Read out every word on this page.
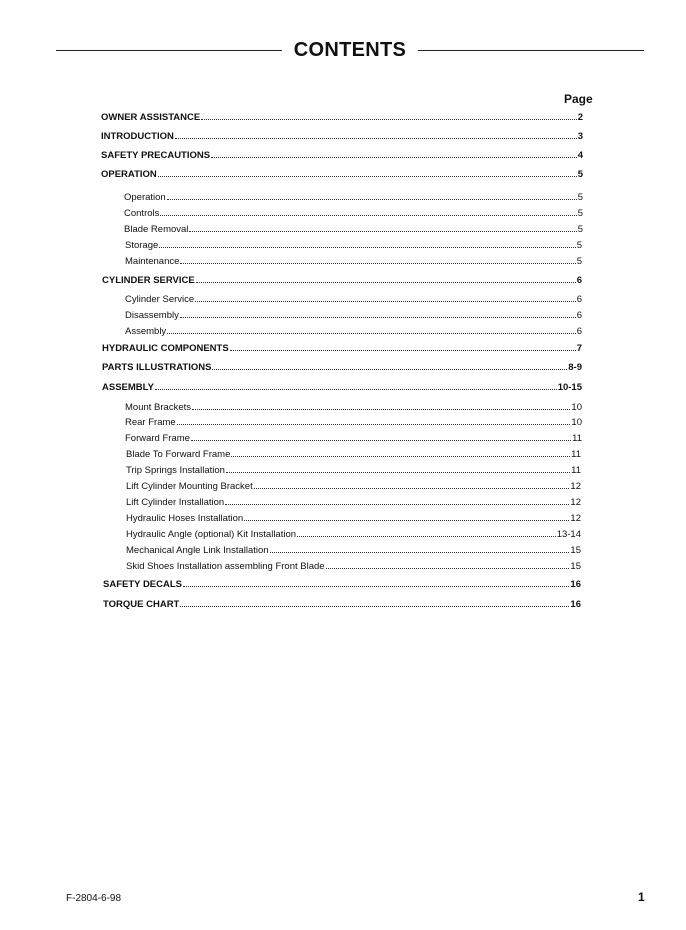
CONTENTS
Page
OWNER ASSISTANCE	2
INTRODUCTION	3
SAFETY PRECAUTIONS	4
OPERATION	5
Operation	5
Controls	5
Blade Removal	5
Storage	5
Maintenance	5
CYLINDER SERVICE	6
Cylinder Service	6
Disassembly	6
Assembly	6
HYDRAULIC COMPONENTS	7
PARTS ILLUSTRATIONS	8-9
ASSEMBLY	10-15
Mount Brackets	10
Rear Frame	10
Forward Frame	11
Blade To Forward Frame	11
Trip Springs Installation	11
Lift Cylinder Mounting Bracket	12
Lift Cylinder Installation	12
Hydraulic Hoses Installation	12
Hydraulic Angle (optional) Kit Installation	13-14
Mechanical Angle Link Installation	15
Skid Shoes Installation assembling Front Blade	15
SAFETY DECALS	16
TORQUE CHART	16
F-2804-6-98	1
